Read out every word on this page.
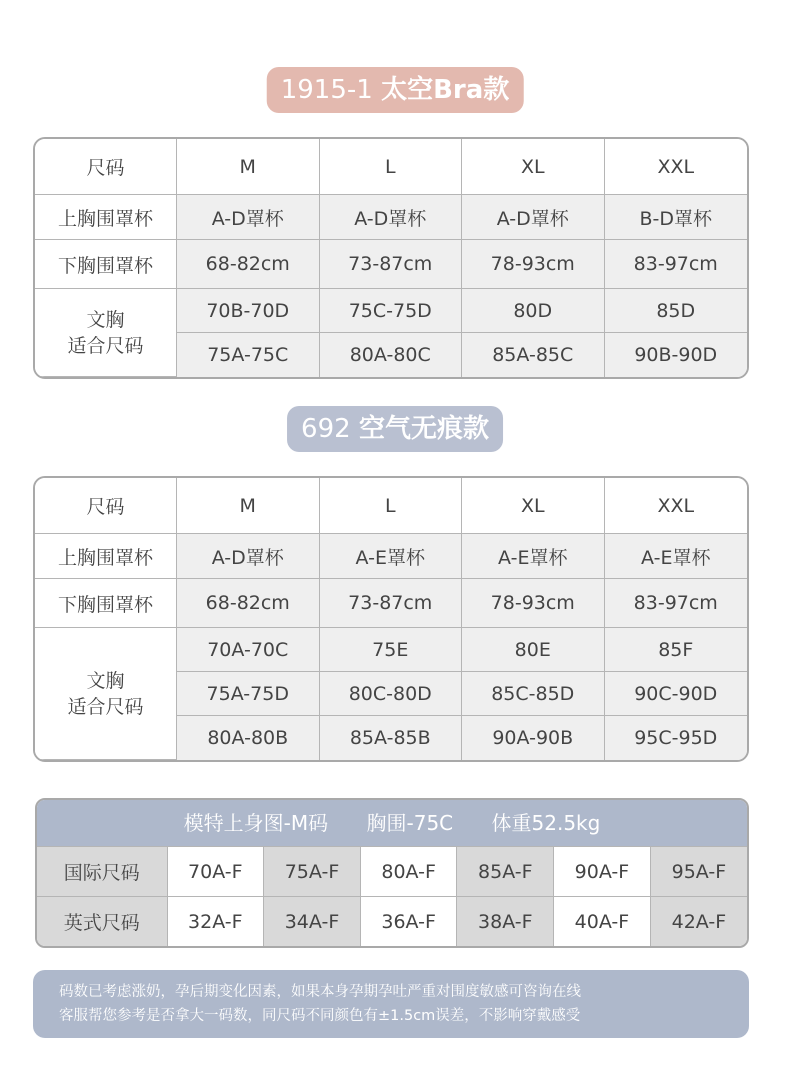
1915-1 太空Bra款
尺码	M	L	XL	XXL
上胸围罩杯	A-D罩杯	A-D罩杯	A-D罩杯	B-D罩杯
下胸围罩杯	68-82cm	73-87cm	78-93cm	83-97cm

文胸
适合尺码	70B-70D	75C-75D	80D	85D
	75A-75C	80A-80C	85A-85C	90B-90D
692 空气无痕款
尺码	M	L	XL	XXL
上胸围罩杯	A-D罩杯	A-E罩杯	A-E罩杯	A-E罩杯
下胸围罩杯	68-82cm	73-87cm	78-93cm	83-97cm

文胸
适合尺码	70A-70C	75E	80E	85F
	75A-75D	80C-80D	85C-85D	90C-90D
	80A-80B	85A-85B	90A-90B	95C-95D
模特上身图-M码 胸围-75C 体重52.5kg
国际尺码	70A-F	75A-F	80A-F	85A-F	90A-F	95A-F
英式尺码	32A-F	34A-F	36A-F	38A-F	40A-F	42A-F
码数已考虑涨奶，孕后期变化因素，如果本身孕期孕吐严重对围度敏感可咨询在线
客服帮您参考是否拿大一码数，同尺码不同颜色有±1.5cm误差，不影响穿戴感受
